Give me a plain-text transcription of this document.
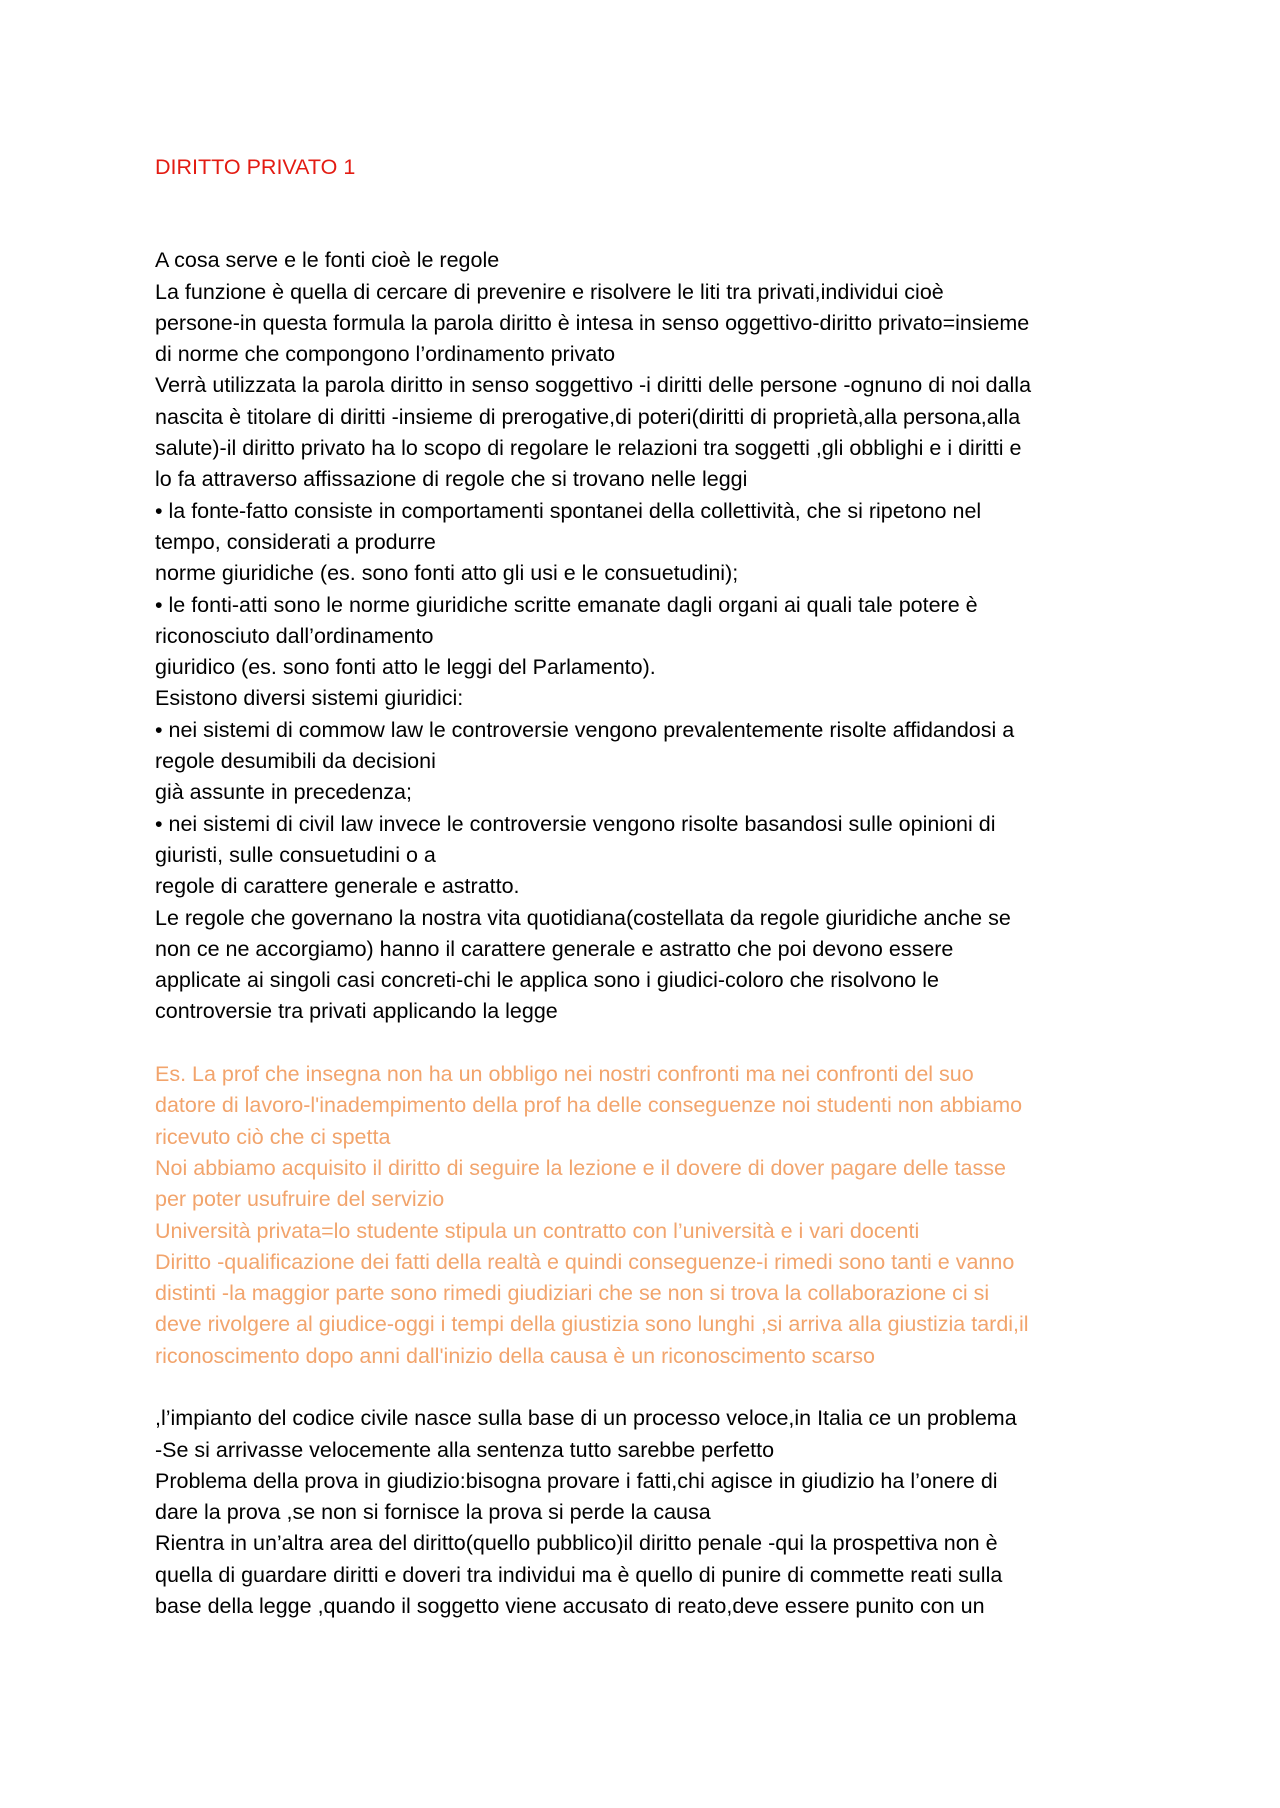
DIRITTO PRIVATO 1
A cosa serve e le fonti cioè le regole
La funzione è quella di cercare di prevenire e risolvere le liti tra privati,individui cioè
persone-in questa formula la parola diritto è intesa in senso oggettivo-diritto privato=insieme
di norme che compongono l’ordinamento privato
Verrà utilizzata la parola diritto in senso soggettivo -i diritti delle persone -ognuno di noi dalla
nascita è titolare di diritti -insieme di prerogative,di poteri(diritti di proprietà,alla persona,alla
salute)-il diritto privato ha lo scopo di regolare le relazioni tra soggetti ,gli obblighi e i diritti e
lo fa attraverso affissazione di regole che si trovano nelle leggi
• la fonte-fatto consiste in comportamenti spontanei della collettività, che si ripetono nel
tempo, considerati a produrre
norme giuridiche (es. sono fonti atto gli usi e le consuetudini);
• le fonti-atti sono le norme giuridiche scritte emanate dagli organi ai quali tale potere è
riconosciuto dall’ordinamento
giuridico (es. sono fonti atto le leggi del Parlamento).
Esistono diversi sistemi giuridici:
• nei sistemi di commow law le controversie vengono prevalentemente risolte affidandosi a
regole desumibili da decisioni
già assunte in precedenza;
• nei sistemi di civil law invece le controversie vengono risolte basandosi sulle opinioni di
giuristi, sulle consuetudini o a
regole di carattere generale e astratto.
Le regole che governano la nostra vita quotidiana(costellata da regole giuridiche anche se
non ce ne accorgiamo) hanno il carattere generale e astratto che poi devono essere
applicate ai singoli casi concreti-chi le applica sono i giudici-coloro che risolvono le
controversie tra privati applicando la legge
Es. La prof che insegna non ha un obbligo nei nostri confronti ma nei confronti del suo
datore di lavoro-l'inadempimento della prof ha delle conseguenze noi studenti non abbiamo
ricevuto ciò che ci spetta
Noi abbiamo acquisito il diritto di seguire la lezione e il dovere di dover pagare delle tasse
per poter usufruire del servizio
Università privata=lo studente stipula un contratto con l’università e i vari docenti
Diritto -qualificazione dei fatti della realtà e quindi conseguenze-i rimedi sono tanti e vanno
distinti -la maggior parte sono rimedi giudiziari che se non si trova la collaborazione ci si
deve rivolgere al giudice-oggi i tempi della giustizia sono lunghi ,si arriva alla giustizia tardi,il
riconoscimento dopo anni dall'inizio della causa è un riconoscimento scarso
,l’impianto del codice civile nasce sulla base di un processo veloce,in Italia ce un problema
-Se si arrivasse velocemente alla sentenza tutto sarebbe perfetto
Problema della prova in giudizio:bisogna provare i fatti,chi agisce in giudizio ha l’onere di
dare la prova ,se non si fornisce la prova si perde la causa
Rientra in un’altra area del diritto(quello pubblico)il diritto penale -qui la prospettiva non è
quella di guardare diritti e doveri tra individui ma è quello di punire di commette reati sulla
base della legge ,quando il soggetto viene accusato di reato,deve essere punito con un
